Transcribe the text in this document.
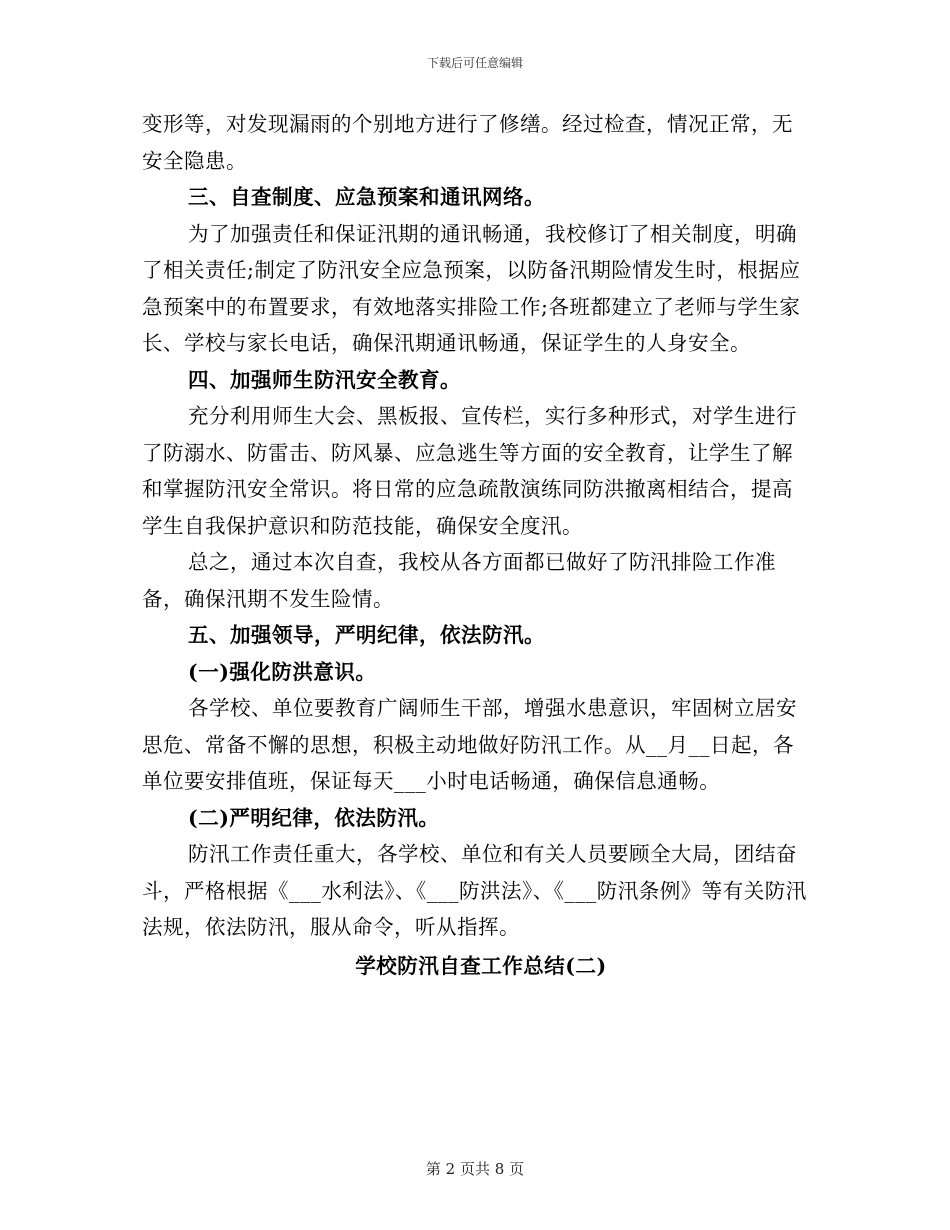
下载后可任意编辑

变形等，对发现漏雨的个别地方进行了修缮。经过检查，情况正常，无安全隐患。

三、自查制度、应急预案和通讯网络。

为了加强责任和保证汛期的通讯畅通，我校修订了相关制度，明确了相关责任;制定了防汛安全应急预案，以防备汛期险情发生时，根据应急预案中的布置要求，有效地落实排险工作;各班都建立了老师与学生家长、学校与家长电话，确保汛期通讯畅通，保证学生的人身安全。

四、加强师生防汛安全教育。

充分利用师生大会、黑板报、宣传栏，实行多种形式，对学生进行了防溺水、防雷击、防风暴、应急逃生等方面的安全教育，让学生了解和掌握防汛安全常识。将日常的应急疏散演练同防洪撤离相结合，提高学生自我保护意识和防范技能，确保安全度汛。

总之，通过本次自查，我校从各方面都已做好了防汛排险工作准备，确保汛期不发生险情。

五、加强领导，严明纪律，依法防汛。

(一)强化防洪意识。

各学校、单位要教育广阔师生干部，增强水患意识，牢固树立居安思危、常备不懈的思想，积极主动地做好防汛工作。从__月__日起，各单位要安排值班，保证每天___小时电话畅通，确保信息通畅。

(二)严明纪律，依法防汛。

防汛工作责任重大，各学校、单位和有关人员要顾全大局，团结奋斗，严格根据《___水利法》、《___防洪法》、《___防汛条例》等有关防汛法规，依法防汛，服从命令，听从指挥。

学校防汛自查工作总结(二)

第 2 页共 8 页
